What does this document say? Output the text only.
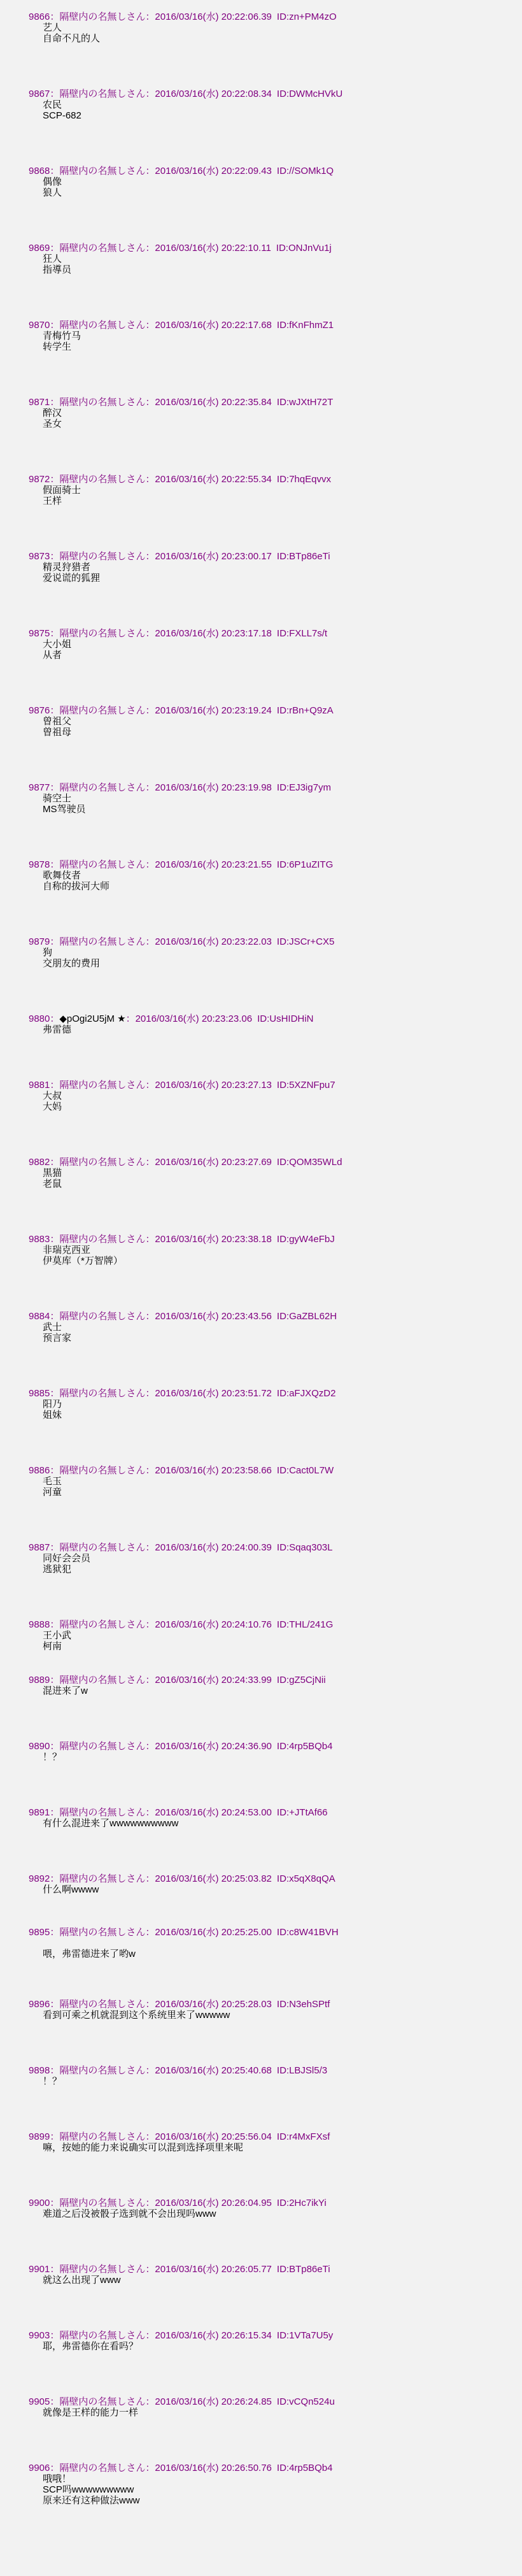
9866：隔壁内の名無しさん：2016/03/16(水) 20:22:06.39 ID:zn+PM4zO
艺人
自命不凡的人
9867：隔壁内の名無しさん：2016/03/16(水) 20:22:08.34 ID:DWMcHVkU
农民
SCP-682
9868：隔壁内の名無しさん：2016/03/16(水) 20:22:09.43 ID://SOMk1Q
偶像
狼人
9869：隔壁内の名無しさん：2016/03/16(水) 20:22:10.11 ID:ONJnVu1j
狂人
指導员
9870：隔壁内の名無しさん：2016/03/16(水) 20:22:17.68 ID:fKnFhmZ1
青梅竹马
转学生
9871：隔壁内の名無しさん：2016/03/16(水) 20:22:35.84 ID:wJXtH72T
醉汉
圣女
9872：隔壁内の名無しさん：2016/03/16(水) 20:22:55.34 ID:7hqEqvvx
假面骑士
王样
9873：隔壁内の名無しさん：2016/03/16(水) 20:23:00.17 ID:BTp86eTi
精灵狩猎者
爱说谎的狐狸
9875：隔壁内の名無しさん：2016/03/16(水) 20:23:17.18 ID:FXLL7s/t
大小姐
从者
9876：隔壁内の名無しさん：2016/03/16(水) 20:23:19.24 ID:rBn+Q9zA
曾祖父
曾祖母
9877：隔壁内の名無しさん：2016/03/16(水) 20:23:19.98 ID:EJ3ig7ym
骑空士
MS驾驶员
9878：隔壁内の名無しさん：2016/03/16(水) 20:23:21.55 ID:6P1uZITG
歌舞伎者
自称的拔河大师
9879：隔壁内の名無しさん：2016/03/16(水) 20:23:22.03 ID:JSCr+CX5
狗
交朋友的费用
9880：◆pOgi2U5jM ★：2016/03/16(水) 20:23:23.06 ID:UsHIDHiN
弗雷德
9881：隔壁内の名無しさん：2016/03/16(水) 20:23:27.13 ID:5XZNFpu7
大叔
大妈
9882：隔壁内の名無しさん：2016/03/16(水) 20:23:27.69 ID:QOM35WLd
黒猫
老鼠
9883：隔壁内の名無しさん：2016/03/16(水) 20:23:38.18 ID:gyW4eFbJ
非瑞克西亚
伊莫库（*万智牌）
9884：隔壁内の名無しさん：2016/03/16(水) 20:23:43.56 ID:GaZBL62H
武士
预言家
9885：隔壁内の名無しさん：2016/03/16(水) 20:23:51.72 ID:aFJXQzD2
阳乃
姐妹
9886：隔壁内の名無しさん：2016/03/16(水) 20:23:58.66 ID:Cact0L7W
毛玉
河童
9887：隔壁内の名無しさん：2016/03/16(水) 20:24:00.39 ID:Sqaq303L
同好会会员
逃狱犯
9888：隔壁内の名無しさん：2016/03/16(水) 20:24:10.76 ID:THL/241G
王小武
柯南
9889：隔壁内の名無しさん：2016/03/16(水) 20:24:33.99 ID:gZ5CjNii
混进来了w
9890：隔壁内の名無しさん：2016/03/16(水) 20:24:36.90 ID:4rp5BQb4
！？
9891：隔壁内の名無しさん：2016/03/16(水) 20:24:53.00 ID:+JTtAf66
有什么混进来了wwwwwwwwww
9892：隔壁内の名無しさん：2016/03/16(水) 20:25:03.82 ID:x5qX8qQA
什么啊wwww
9895：隔壁内の名無しさん：2016/03/16(水) 20:25:25.00 ID:c8W41BVH
喂，弗雷德进来了哟w
9896：隔壁内の名無しさん：2016/03/16(水) 20:25:28.03 ID:N3ehSPtf
看到可乘之机就混到这个系统里来了wwwww
9898：隔壁内の名無しさん：2016/03/16(水) 20:25:40.68 ID:LBJSl5/3
！？
9899：隔壁内の名無しさん：2016/03/16(水) 20:25:56.04 ID:r4MxFXsf
嘛，按她的能力来说确实可以混到选择项里来呢
9900：隔壁内の名無しさん：2016/03/16(水) 20:26:04.95 ID:2Hc7ikYi
难道之后没被骰子选到就不会出现吗www
9901：隔壁内の名無しさん：2016/03/16(水) 20:26:05.77 ID:BTp86eTi
就这么出现了www
9903：隔壁内の名無しさん：2016/03/16(水) 20:26:15.34 ID:1VTa7U5y
耶，弗雷德你在看吗？
9905：隔壁内の名無しさん：2016/03/16(水) 20:26:24.85 ID:vCQn524u
就像是王样的能力一样
9906：隔壁内の名無しさん：2016/03/16(水) 20:26:50.76 ID:4rp5BQb4
哦哦！
SCP吗wwwwwwwww
原来还有这种做法www
